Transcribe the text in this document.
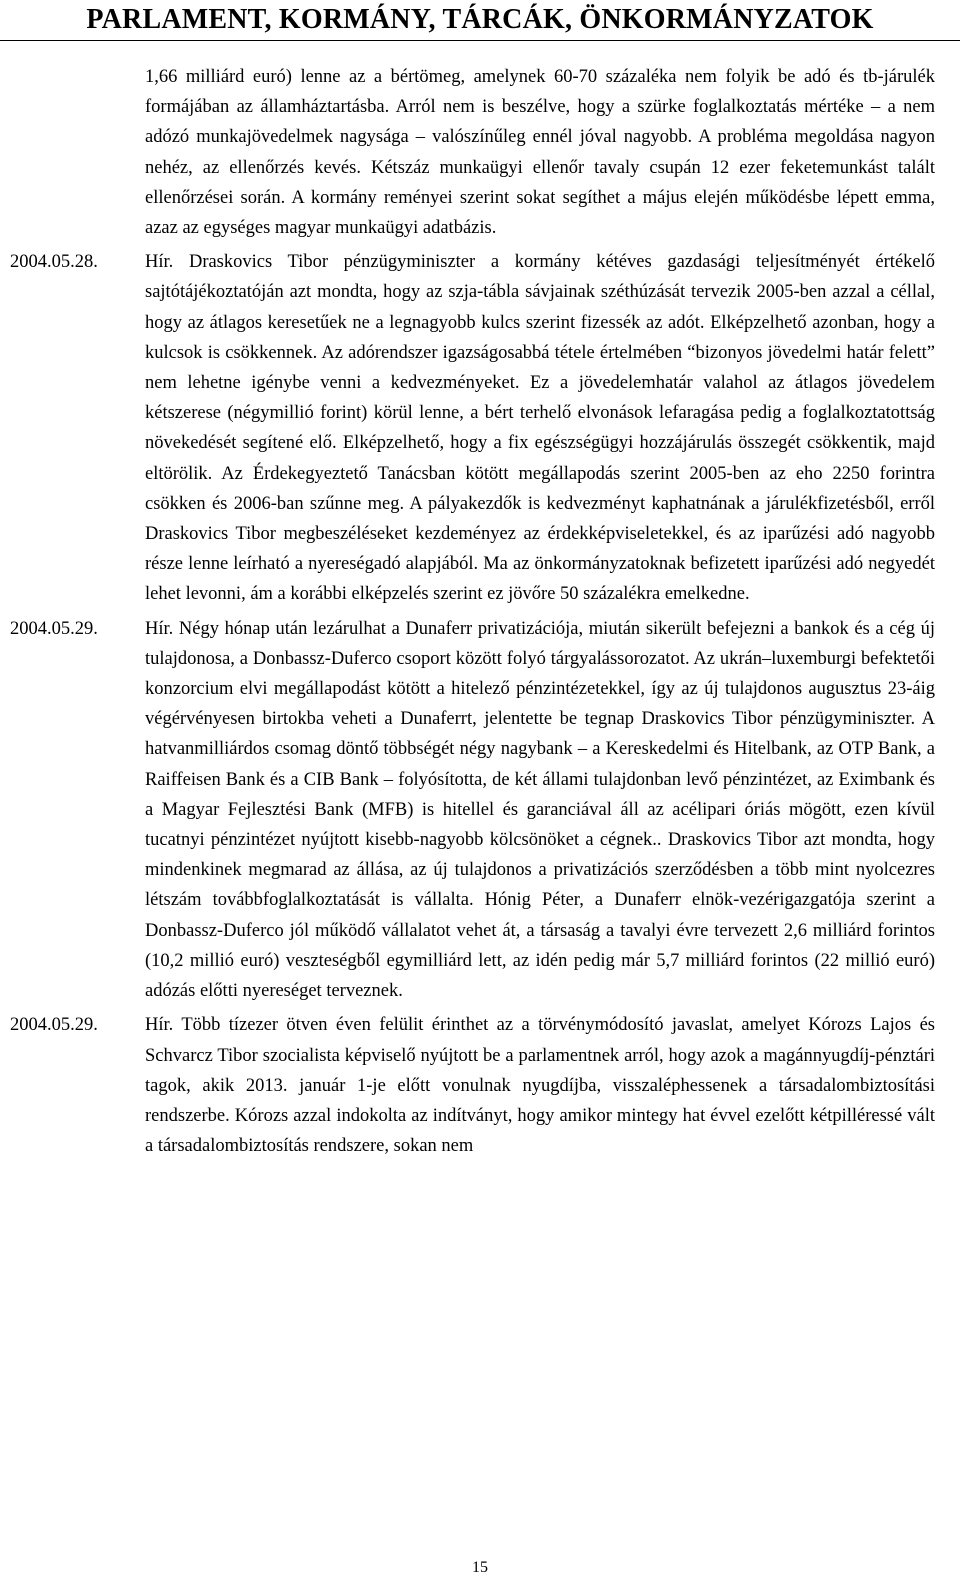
PARLAMENT, KORMÁNY, TÁRCÁK, ÖNKORMÁNYZATOK

1,66 milliárd euró) lenne az a bértömeg, amelynek 60-70 százaléka nem folyik be adó és tb-járulék formájában az államháztartásba. Arról nem is beszélve, hogy a szürke foglalkoztatás mértéke – a nem adózó munkajövedelmek nagysága – valószínűleg ennél jóval nagyobb. A probléma megoldása nagyon nehéz, az ellenőrzés kevés. Kétszáz munkaügyi ellenőr tavaly csupán 12 ezer feketemunkást talált ellenőrzései során. A kormány reményei szerint sokat segíthet a május elején működésbe lépett emma, azaz az egységes magyar munkaügyi adatbázis.

2004.05.28.	Hír. Draskovics Tibor pénzügyminiszter a kormány kétéves gazdasági teljesítményét értékelő sajtótájékoztatóján azt mondta, hogy az szja-tábla sávjainak széthúzását tervezik 2005-ben azzal a céllal, hogy az átlagos keresetűek ne a legnagyobb kulcs szerint fizessék az adót. Elképzelhető azonban, hogy a kulcsok is csökkennek. Az adórendszer igazságosabbá tétele értelmében “bizonyos jövedelmi határ felett” nem lehetne igénybe venni a kedvezményeket. Ez a jövedelemhatár valahol az átlagos jövedelem kétszerese (négymillió forint) körül lenne, a bért terhelő elvonások lefaragása pedig a foglalkoztatottság növekedését segítené elő. Elképzelhető, hogy a fix egészségügyi hozzájárulás összegét csökkentik, majd eltörölik. Az Érdekegyeztető Tanácsban kötött megállapodás szerint 2005-ben az eho 2250 forintra csökken és 2006-ban szűnne meg. A pályakezdők is kedvezményt kaphatnának a járulékfizetésből, erről Draskovics Tibor megbeszéléseket kezdeményez az érdekképviseletekkel, és az iparűzési adó nagyobb része lenne leírható a nyereségadó alapjából. Ma az önkormányzatoknak befizetett iparűzési adó negyedét lehet levonni, ám a korábbi elképzelés szerint ez jövőre 50 százalékra emelkedne.

2004.05.29.	Hír. Négy hónap után lezárulhat a Dunaferr privatizációja, miután sikerült befejezni a bankok és a cég új tulajdonosa, a Donbassz-Duferco csoport között folyó tárgyalássorozatot. Az ukrán–luxemburgi befektetői konzorcium elvi megállapodást kötött a hitelező pénzintézetekkel, így az új tulajdonos augusztus 23-áig végérvényesen birtokba veheti a Dunaferrt, jelentette be tegnap Draskovics Tibor pénzügyminiszter. A hatvanmilliárdos csomag döntő többségét négy nagybank – a Kereskedelmi és Hitelbank, az OTP Bank, a Raiffeisen Bank és a CIB Bank – folyósította, de két állami tulajdonban levő pénzintézet, az Eximbank és a Magyar Fejlesztési Bank (MFB) is hitellel és garanciával áll az acélipari óriás mögött, ezen kívül tucatnyi pénzintézet nyújtott kisebb-nagyobb kölcsönöket a cégnek.. Draskovics Tibor azt mondta, hogy mindenkinek megmarad az állása, az új tulajdonos a privatizációs szerződésben a több mint nyolcezres létszám továbbfoglalkoztatását is vállalta. Hónig Péter, a Dunaferr elnök-vezérigazgatója szerint a Donbassz-Duferco jól működő vállalatot vehet át, a társaság a tavalyi évre tervezett 2,6 milliárd forintos (10,2 millió euró) veszteségből egymilliárd lett, az idén pedig már 5,7 milliárd forintos (22 millió euró) adózás előtti nyereséget terveznek.

2004.05.29.	Hír. Több tízezer ötven éven felülit érinthet az a törvénymódosító javaslat, amelyet Kórozs Lajos és Schvarcz Tibor szocialista képviselő nyújtott be a parlamentnek arról, hogy azok a magánnyugdíj-pénztári tagok, akik 2013. január 1-je előtt vonulnak nyugdíjba, visszaléphessenek a társadalombiztosítási rendszerbe. Kórozs azzal indokolta az indítványt, hogy amikor mintegy hat évvel ezelőtt kétpilléressé vált a társadalombiztosítás rendszere, sokan nem

15
